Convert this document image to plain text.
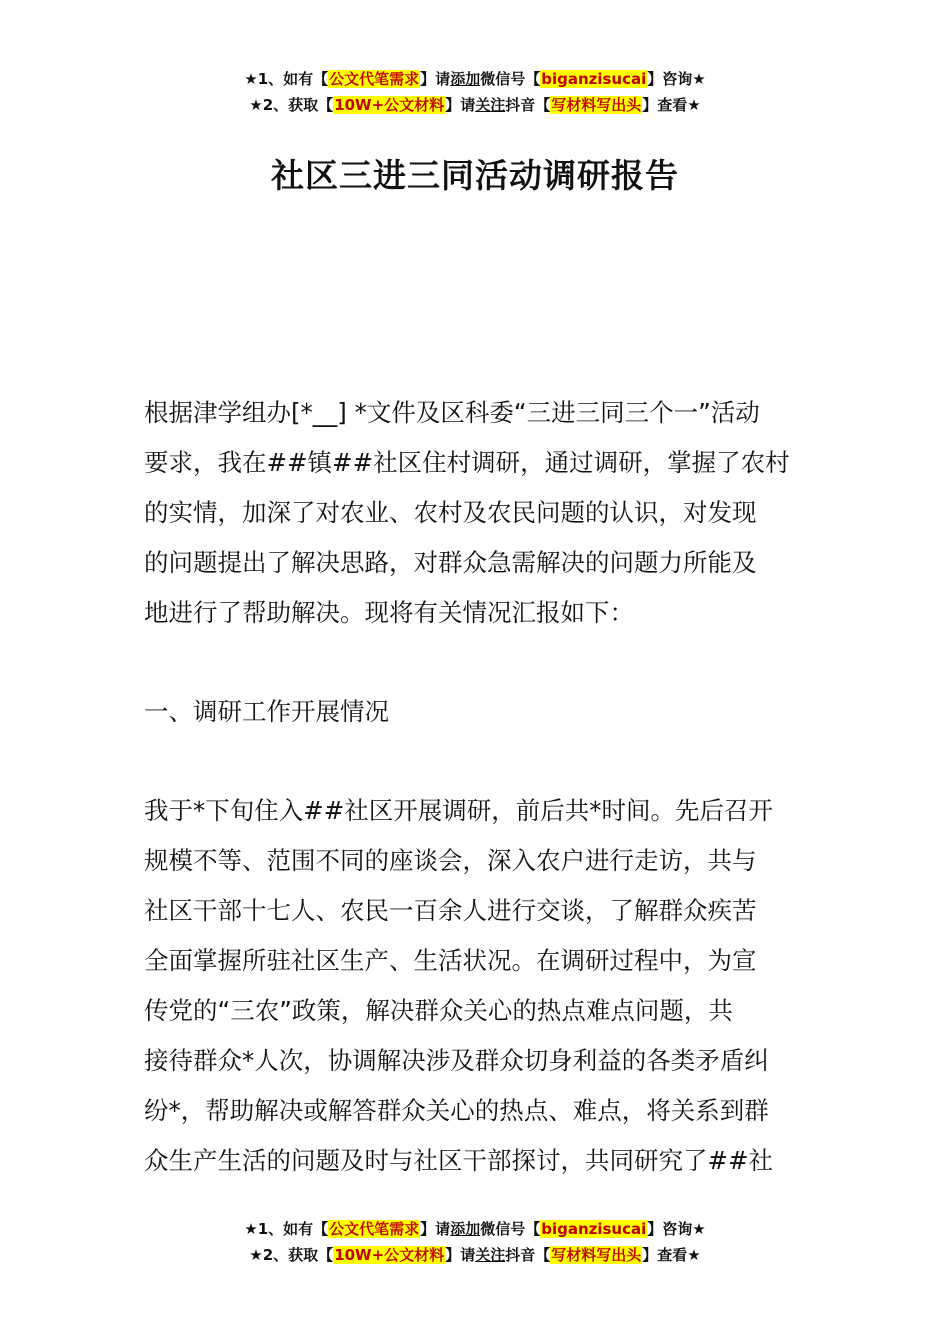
★1、如有【公文代笔需求】请添加微信号【biganzisucai】咨询★
★2、获取【10W+公文材料】请关注抖音【写材料写出头】查看★
社区三进三同活动调研报告
根据津学组办[*__] *文件及区科委“三进三同三个一”活动
要求，我在##镇##社区住村调研，通过调研，掌握了农村
的实情，加深了对农业、农村及农民问题的认识，对发现
的问题提出了解决思路，对群众急需解决的问题力所能及
地进行了帮助解决。现将有关情况汇报如下：
一、调研工作开展情况
我于*下旬住入##社区开展调研，前后共*时间。先后召开
规模不等、范围不同的座谈会，深入农户进行走访，共与
社区干部十七人、农民一百余人进行交谈，了解群众疾苦
全面掌握所驻社区生产、生活状况。在调研过程中，为宣
传党的“三农”政策，解决群众关心的热点难点问题，共
接待群众*人次，协调解决涉及群众切身利益的各类矛盾纠
纷*，帮助解决或解答群众关心的热点、难点，将关系到群
众生产生活的问题及时与社区干部探讨，共同研究了##社
★1、如有【公文代笔需求】请添加微信号【biganzisucai】咨询★
★2、获取【10W+公文材料】请关注抖音【写材料写出头】查看★
